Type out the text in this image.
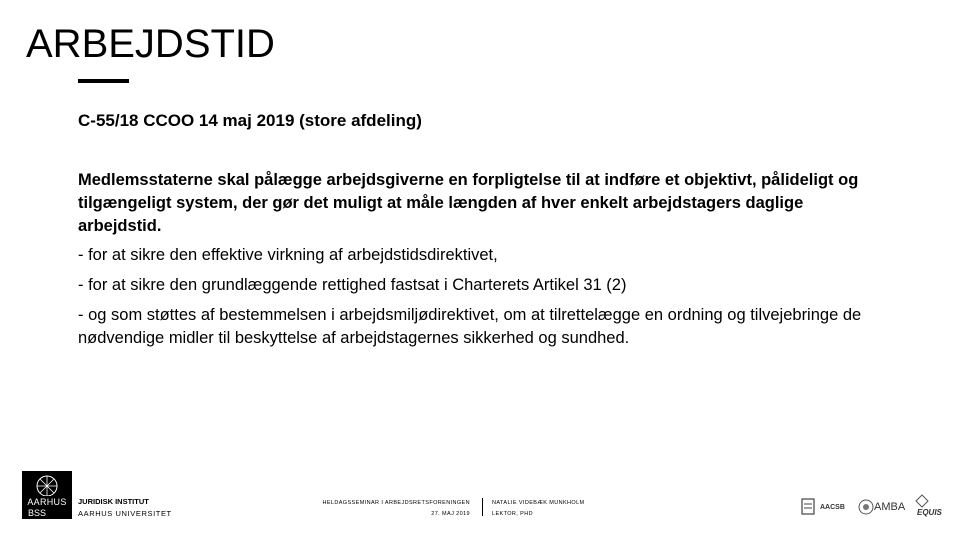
ARBEJDSTID

C-55/18 CCOO 14 maj 2019 (store afdeling)

Medlemsstaterne skal pålægge arbejdsgiverne en forpligtelse til at indføre et objektivt, pålideligt og tilgængeligt system, der gør det muligt at måle længden af hver enkelt arbejdstagers daglige arbejdstid.

- for at sikre den effektive virkning af arbejdstidsdirektivet,

- for at sikre den grundlæggende rettighed fastsat i Charterets Artikel 31 (2)

- og som støttes af bestemmelsen i arbejdsmiljødirektivet, om at tilrettelægge en ordning og tilvejebringe de nødvendige midler til beskyttelse af arbejdstagernes sikkerhed og sundhed.

AARHUS
BSS
JURIDISK INSTITUT
AARHUS UNIVERSITET
HELDAGSSEMINAR I ARBEJDSRETSFORENINGEN
27. MAJ 2019
NATALIE VIDEBÆK MUNKHOLM
LEKTOR, PHD
AACSB	AMBA EQUIS
